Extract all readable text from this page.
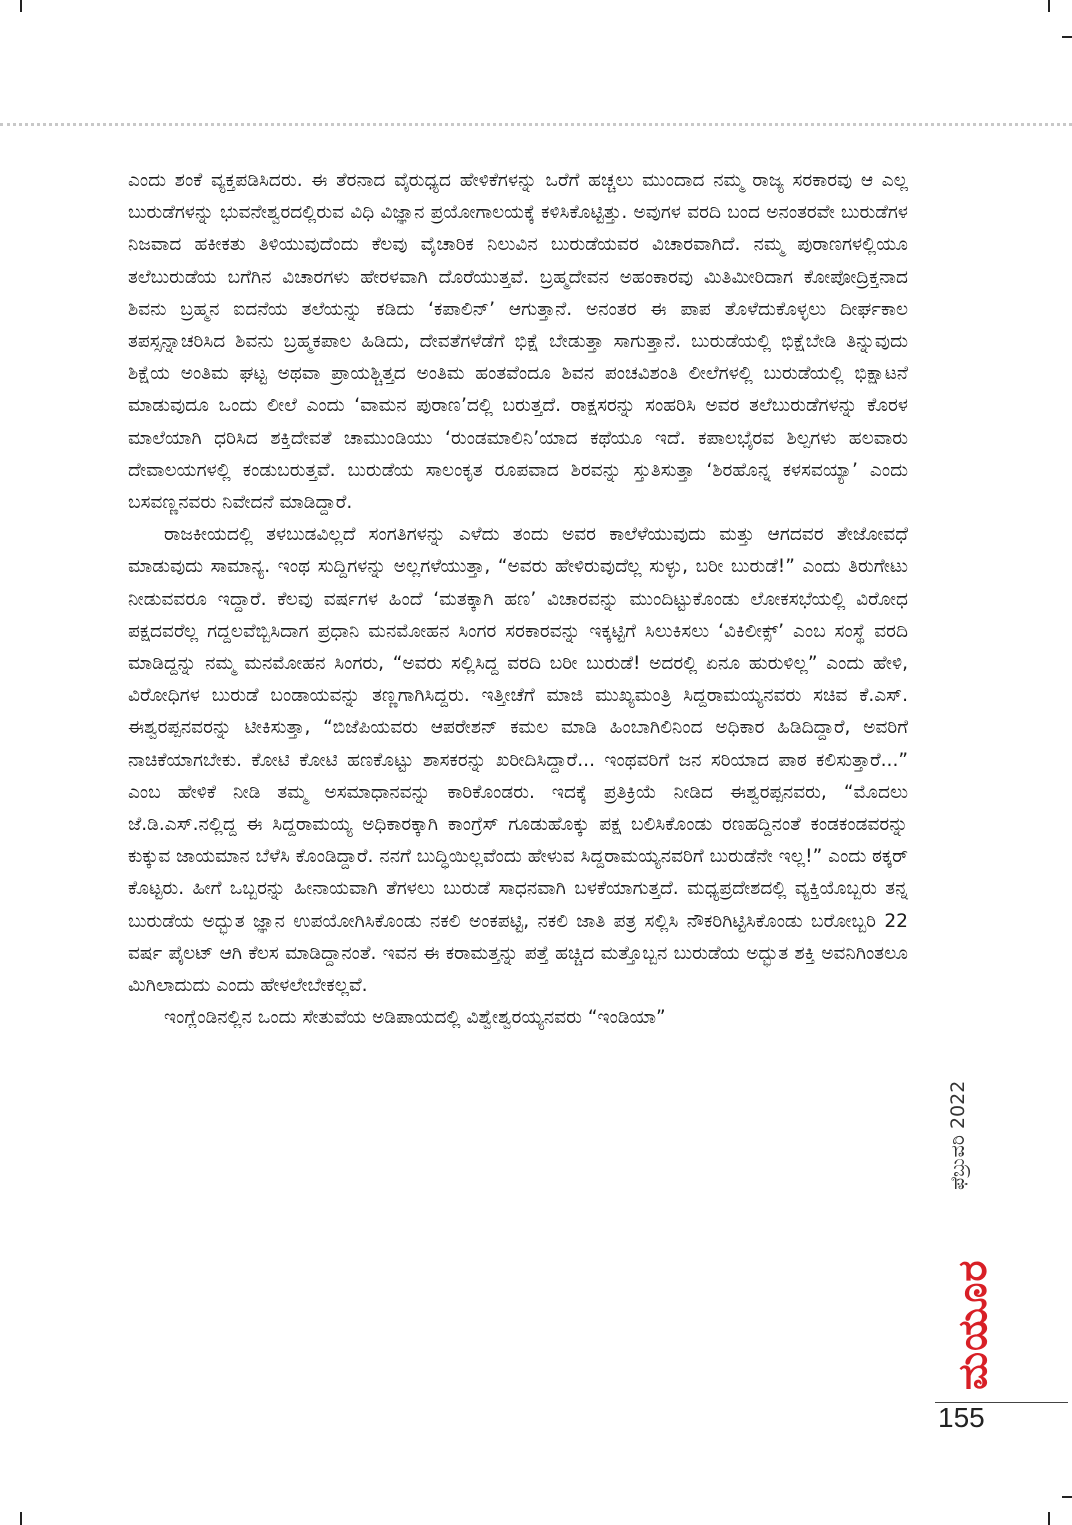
ಎಂದು ಶಂಕೆ ವ್ಯಕ್ತಪಡಿಸಿದರು. ಈ ತೆರನಾದ ವೈರುಧ್ಯದ ಹೇಳಿಕೆಗಳನ್ನು ಒರೆಗೆ ಹಚ್ಚಲು ಮುಂದಾದ ನಮ್ಮ ರಾಜ್ಯ ಸರಕಾರವು ಆ ಎಲ್ಲ ಬುರುಡೆಗಳನ್ನು ಭುವನೇಶ್ವರದಲ್ಲಿರುವ ವಿಧಿ ವಿಜ್ಞಾನ ಪ್ರಯೋಗಾಲಯಕ್ಕೆ ಕಳಿಸಿಕೊಟ್ಟಿತ್ತು. ಅವುಗಳ ವರದಿ ಬಂದ ಅನಂತರವೇ ಬುರುಡೆಗಳ ನಿಜವಾದ ಹಕೀಕತು ತಿಳಿಯುವುದೆಂದು ಕೆಲವು ವೈಚಾರಿಕ ನಿಲುವಿನ ಬುರುಡೆಯವರ ವಿಚಾರವಾಗಿದೆ. ನಮ್ಮ ಪುರಾಣಗಳಲ್ಲಿಯೂ ತಲೆಬುರುಡೆಯ ಬಗೆಗಿನ ವಿಚಾರಗಳು ಹೇರಳವಾಗಿ ದೊರೆಯುತ್ತವೆ. ಬ್ರಹ್ಮದೇವನ ಅಹಂಕಾರವು ಮಿತಿಮೀರಿದಾಗ ಕೋಪೋದ್ರಿಕ್ತನಾದ ಶಿವನು ಬ್ರಹ್ಮನ ಐದನೆಯ ತಲೆಯನ್ನು ಕಡಿದು ‘ಕಪಾಲಿನ್’ ಆಗುತ್ತಾನೆ. ಅನಂತರ ಈ ಪಾಪ ತೊಳೆದುಕೊಳ್ಳಲು ದೀರ್ಘಕಾಲ ತಪಸ್ಸನ್ನಾಚರಿಸಿದ ಶಿವನು ಬ್ರಹ್ಮಕಪಾಲ ಹಿಡಿದು, ದೇವತೆಗಳೆಡೆಗೆ ಭಿಕ್ಷೆ ಬೇಡುತ್ತಾ ಸಾಗುತ್ತಾನೆ. ಬುರುಡೆಯಲ್ಲಿ ಭಿಕ್ಷೆಬೇಡಿ ತಿನ್ನುವುದು ಶಿಕ್ಷೆಯ ಅಂತಿಮ ಘಟ್ಟ ಅಥವಾ ಪ್ರಾಯಶ್ಚಿತ್ತದ ಅಂತಿಮ ಹಂತವೆಂದೂ ಶಿವನ ಪಂಚವಿಶಂತಿ ಲೀಲೆಗಳಲ್ಲಿ ಬುರುಡೆಯಲ್ಲಿ ಭಿಕ್ಷಾಟನೆ ಮಾಡುವುದೂ ಒಂದು ಲೀಲೆ ಎಂದು ‘ವಾಮನ ಪುರಾಣ’ದಲ್ಲಿ ಬರುತ್ತದೆ. ರಾಕ್ಷಸರನ್ನು ಸಂಹರಿಸಿ ಅವರ ತಲೆಬುರುಡೆಗಳನ್ನು ಕೊರಳ ಮಾಲೆಯಾಗಿ ಧರಿಸಿದ ಶಕ್ತಿದೇವತೆ ಚಾಮುಂಡಿಯು ‘ರುಂಡಮಾಲಿನಿ’ಯಾದ ಕಥೆಯೂ ಇದೆ. ಕಪಾಲಭೈರವ ಶಿಲ್ಪಗಳು ಹಲವಾರು ದೇವಾಲಯಗಳಲ್ಲಿ ಕಂಡುಬರುತ್ತವೆ. ಬುರುಡೆಯ ಸಾಲಂಕೃತ ರೂಪವಾದ ಶಿರವನ್ನು ಸ್ತುತಿಸುತ್ತಾ ‘ಶಿರಹೊನ್ನ ಕಳಸವಯ್ಯಾ’ ಎಂದು ಬಸವಣ್ಣನವರು ನಿವೇದನೆ ಮಾಡಿದ್ದಾರೆ.

ರಾಜಕೀಯದಲ್ಲಿ ತಳಬುಡವಿಲ್ಲದೆ ಸಂಗತಿಗಳನ್ನು ಎಳೆದು ತಂದು ಅವರ ಕಾಲೆಳೆಯುವುದು ಮತ್ತು ಆಗದವರ ತೇಜೋವಧೆ ಮಾಡುವುದು ಸಾಮಾನ್ಯ. ಇಂಥ ಸುದ್ದಿಗಳನ್ನು ಅಲ್ಲಗಳೆಯುತ್ತಾ, “ಅವರು ಹೇಳಿರುವುದೆಲ್ಲ ಸುಳ್ಳು, ಬರೀ ಬುರುಡೆ!” ಎಂದು ತಿರುಗೇಟು ನೀಡುವವರೂ ಇದ್ದಾರೆ. ಕೆಲವು ವರ್ಷಗಳ ಹಿಂದೆ ‘ಮತಕ್ಕಾಗಿ ಹಣ’ ವಿಚಾರವನ್ನು ಮುಂದಿಟ್ಟುಕೊಂಡು ಲೋಕಸಭೆಯಲ್ಲಿ ವಿರೋಧ ಪಕ್ಷದವರೆಲ್ಲ ಗದ್ದಲವೆಬ್ಬಿಸಿದಾಗ ಪ್ರಧಾನಿ ಮನಮೋಹನ ಸಿಂಗರ ಸರಕಾರವನ್ನು ಇಕ್ಕಟ್ಟಿಗೆ ಸಿಲುಕಿಸಲು ‘ವಿಕಿಲೀಕ್ಸ್’ ಎಂಬ ಸಂಸ್ಥೆ ವರದಿ ಮಾಡಿದ್ದನ್ನು ನಮ್ಮ ಮನಮೋಹನ ಸಿಂಗರು, “ಅವರು ಸಲ್ಲಿಸಿದ್ದ ವರದಿ ಬರೀ ಬುರುಡೆ! ಅದರಲ್ಲಿ ಏನೂ ಹುರುಳಿಲ್ಲ” ಎಂದು ಹೇಳಿ, ವಿರೋಧಿಗಳ ಬುರುಡೆ ಬಂಡಾಯವನ್ನು ತಣ್ಣಗಾಗಿಸಿದ್ದರು. ಇತ್ತೀಚೆಗೆ ಮಾಜಿ ಮುಖ್ಯಮಂತ್ರಿ ಸಿದ್ದರಾಮಯ್ಯನವರು ಸಚಿವ ಕೆ.ಎಸ್. ಈಶ್ವರಪ್ಪನವರನ್ನು ಟೀಕಿಸುತ್ತಾ, “ಬಿಜೆಪಿಯವರು ಆಪರೇಶನ್ ಕಮಲ ಮಾಡಿ ಹಿಂಬಾಗಿಲಿನಿಂದ ಅಧಿಕಾರ ಹಿಡಿದಿದ್ದಾರೆ, ಅವರಿಗೆ ನಾಚಿಕೆಯಾಗಬೇಕು. ಕೋಟಿ ಕೋಟಿ ಹಣಕೊಟ್ಟು ಶಾಸಕರನ್ನು ಖರೀದಿಸಿದ್ದಾರೆ... ಇಂಥವರಿಗೆ ಜನ ಸರಿಯಾದ ಪಾಠ ಕಲಿಸುತ್ತಾರೆ...” ಎಂಬ ಹೇಳಿಕೆ ನೀಡಿ ತಮ್ಮ ಅಸಮಾಧಾನವನ್ನು ಕಾರಿಕೊಂಡರು. ಇದಕ್ಕೆ ಪ್ರತಿಕ್ರಿಯೆ ನೀಡಿದ ಈಶ್ವರಪ್ಪನವರು, “ಮೊದಲು ಜೆ.ಡಿ.ಎಸ್.ನಲ್ಲಿದ್ದ ಈ ಸಿದ್ದರಾಮಯ್ಯ ಅಧಿಕಾರಕ್ಕಾಗಿ ಕಾಂಗ್ರೆಸ್ ಗೂಡುಹೊಕ್ಕು ಪಕ್ಷ ಬಲಿಸಿಕೊಂಡು ರಣಹದ್ದಿನಂತೆ ಕಂಡಕಂಡವರನ್ನು ಕುಕ್ಕುವ ಜಾಯಮಾನ ಬೆಳೆಸಿ ಕೊಂಡಿದ್ದಾರೆ. ನನಗೆ ಬುದ್ಧಿಯಿಲ್ಲವೆಂದು ಹೇಳುವ ಸಿದ್ದರಾಮಯ್ಯನವರಿಗೆ ಬುರುಡೆನೇ ಇಲ್ಲ!” ಎಂದು ಠಕ್ಕರ್ ಕೊಟ್ಟರು. ಹೀಗೆ ಒಬ್ಬರನ್ನು ಹೀನಾಯವಾಗಿ ತೆಗಳಲು ಬುರುಡೆ ಸಾಧನವಾಗಿ ಬಳಕೆಯಾಗುತ್ತದೆ. ಮಧ್ಯಪ್ರದೇಶದಲ್ಲಿ ವ್ಯಕ್ತಿಯೊಬ್ಬರು ತನ್ನ ಬುರುಡೆಯ ಅದ್ಭುತ ಜ್ಞಾನ ಉಪಯೋಗಿಸಿಕೊಂಡು ನಕಲಿ ಅಂಕಪಟ್ಟಿ, ನಕಲಿ ಜಾತಿ ಪತ್ರ ಸಲ್ಲಿಸಿ ನೌಕರಿಗಿಟ್ಟಿಸಿಕೊಂಡು ಬರೋಬ್ಬರಿ 22 ವರ್ಷ ಪೈಲಟ್ ಆಗಿ ಕೆಲಸ ಮಾಡಿದ್ದಾನಂತೆ. ಇವನ ಈ ಕರಾಮತ್ತನ್ನು ಪತ್ತೆ ಹಚ್ಚಿದ ಮತ್ತೊಬ್ಬನ ಬುರುಡೆಯ ಅದ್ಭುತ ಶಕ್ತಿ ಅವನಿಗಿಂತಲೂ ಮಿಗಿಲಾದುದು ಎಂದು ಹೇಳಲೇಬೇಕಲ್ಲವೆ.

ಇಂಗ್ಲೆಂಡಿನಲ್ಲಿನ ಒಂದು ಸೇತುವೆಯ ಅಡಿಪಾಯದಲ್ಲಿ ವಿಶ್ವೇಶ್ವರಯ್ಯನವರು “ಇಂಡಿಯಾ”

ಫೆಬ್ರುವರಿ 2022
ಮಯೂರ
155
